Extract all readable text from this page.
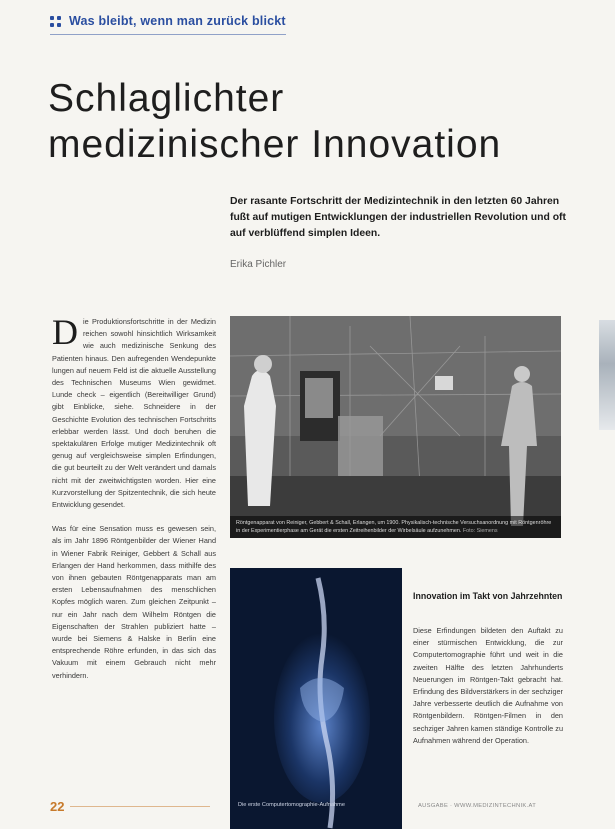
Was bleibt, wenn man zurück blickt
Schlaglichter
medizinischer Innovation

Der rasante Fortschritt der Medizintechnik in den letzten 60 Jahren fußt auf mutigen Entwicklungen der industriellen Revolution und oft auf verblüffend simplen Ideen.

Erika Pichler

Die Produktionsfortschritte in der Medizin reichen sowohl hinsichtlich Wirksamkeit wie auch medizinische Senkung des Patienten hinaus. Den aufregenden Wendepunkte lungen auf neuem Feld ist die aktuelle Ausstellung des Technischen Museums Wien gewidmet. Lunde check – eigentlich (Bereitwilliger Grund) gibt Einblicke, siehe. Schneidere in der Geschichte Evolution des technischen Fortschritts erlebbar werden lässt. Und doch beruhen die spektakulären Erfolge mutiger Medizintechnik oft genug auf vergleichsweise simplen Erfindungen, die gut beurteilt zu der Welt verändert und damals nicht mit der zweitwichtigsten worden. Hier eine Kurzvorstellung der Spitzentechnik, die sich heute Entwicklung gesendet.

Was für eine Sensation muss es gewesen sein, als im Jahr 1896 Röntgenbilder der Wiener Hand in Wiener Fabrik Reiniger, Gebbert & Schall aus Erlangen der Hand herkommen, dass mithilfe des von ihnen gebauten Röntgenapparats man am ersten Lebensaufnahmen des menschlichen Kopfes möglich waren. Zum gleichen Zeitpunkt – nur ein Jahr nach dem Wilhelm Röntgen die Eigenschaften der Strahlen publiziert hatte – wurde bei Siemens & Halske in Berlin eine entsprechende Röhre erfunden, in das sich das Vakuum mit einem Gebrauch nicht mehr verhindern.

Röntgenapparat von Reiniger, Gebbert & Schall, Erlangen, um 1900. Physikalisch-technische Versuchsanordnung mit Röntgenröhre in der Experimentierphase am Gerät die ersten Zeitreihenbilder der Wirbelsäule aufzunehmen. Foto: Siemens
Die erste Computertomographie-Aufnahme
Innovation im Takt von Jahrzehnten

Diese Erfindungen bildeten den Auftakt zu einer stürmischen Entwicklung, die zur Computertomographie führt und weit in die zweiten Hälfte des letzten Jahrhunderts Neuerungen im Röntgen-Takt gebracht hat. Erfindung des Bildverstärkers in der sechziger Jahre verbesserte deutlich die Aufnahme von Röntgenbildern. Röntgen-Filmen in den sechziger Jahren kamen ständige Kontrolle zu Aufnahmen während der Operation.

22	AUSGABE · WWW.MEDIZINTECHNIK.AT
